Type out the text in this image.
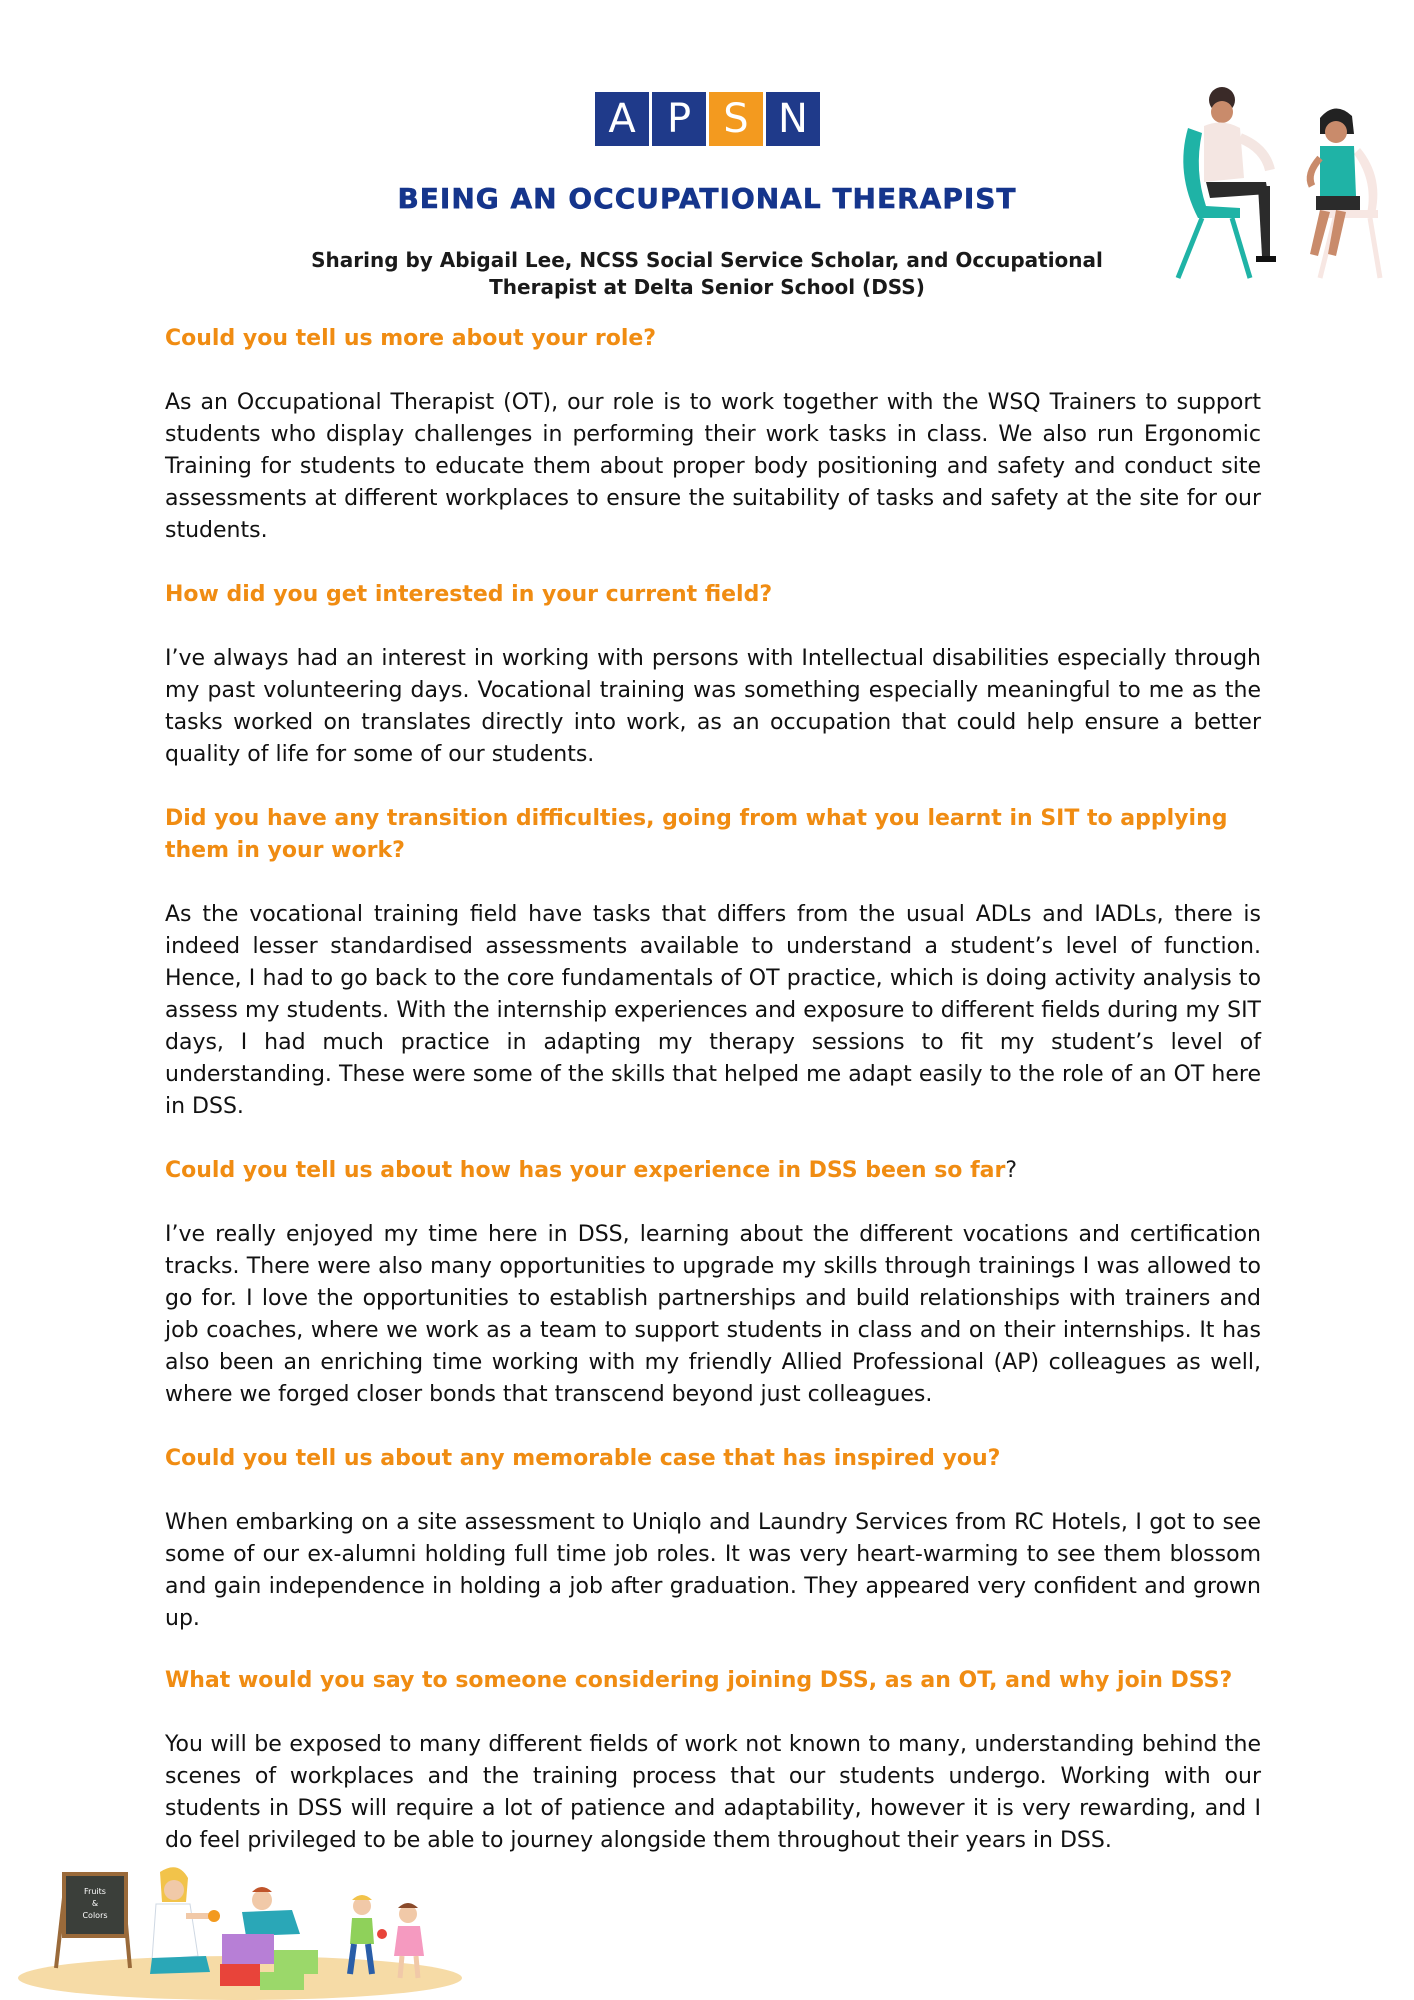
A P S N
BEING AN OCCUPATIONAL THERAPIST
Sharing by Abigail Lee, NCSS Social Service Scholar, and Occupational
Therapist at Delta Senior School (DSS)

Could you tell us more about your role?

As an Occupational Therapist (OT), our role is to work together with the WSQ Trainers to support students who display challenges in performing their work tasks in class. We also run Ergonomic Training for students to educate them about proper body positioning and safety and conduct site assessments at different workplaces to ensure the suitability of tasks and safety at the site for our students.

How did you get interested in your current field?

I’ve always had an interest in working with persons with Intellectual disabilities especially through my past volunteering days. Vocational training was something especially meaningful to me as the tasks worked on translates directly into work, as an occupation that could help ensure a better quality of life for some of our students.

Did you have any transition difficulties, going from what you learnt in SIT to applying them in your work?

As the vocational training field have tasks that differs from the usual ADLs and IADLs, there is indeed lesser standardised assessments available to understand a student’s level of function. Hence, I had to go back to the core fundamentals of OT practice, which is doing activity analysis to assess my students. With the internship experiences and exposure to different fields during my SIT days, I had much practice in adapting my therapy sessions to fit my student’s level of understanding. These were some of the skills that helped me adapt easily to the role of an OT here in DSS.

Could you tell us about how has your experience in DSS been so far?

I’ve really enjoyed my time here in DSS, learning about the different vocations and certification tracks. There were also many opportunities to upgrade my skills through trainings I was allowed to go for. I love the opportunities to establish partnerships and build relationships with trainers and job coaches, where we work as a team to support students in class and on their internships. It has also been an enriching time working with my friendly Allied Professional (AP) colleagues as well, where we forged closer bonds that transcend beyond just colleagues.

Could you tell us about any memorable case that has inspired you?

When embarking on a site assessment to Uniqlo and Laundry Services from RC Hotels, I got to see some of our ex-alumni holding full time job roles. It was very heart-warming to see them blossom and gain independence in holding a job after graduation. They appeared very confident and grown up.

What would you say to someone considering joining DSS, as an OT, and why join DSS?

You will be exposed to many different fields of work not known to many, understanding behind the scenes of workplaces and the training process that our students undergo. Working with our students in DSS will require a lot of patience and adaptability, however it is very rewarding, and I do feel privileged to be able to journey alongside them throughout their years in DSS.

Fruits
&
Colors
